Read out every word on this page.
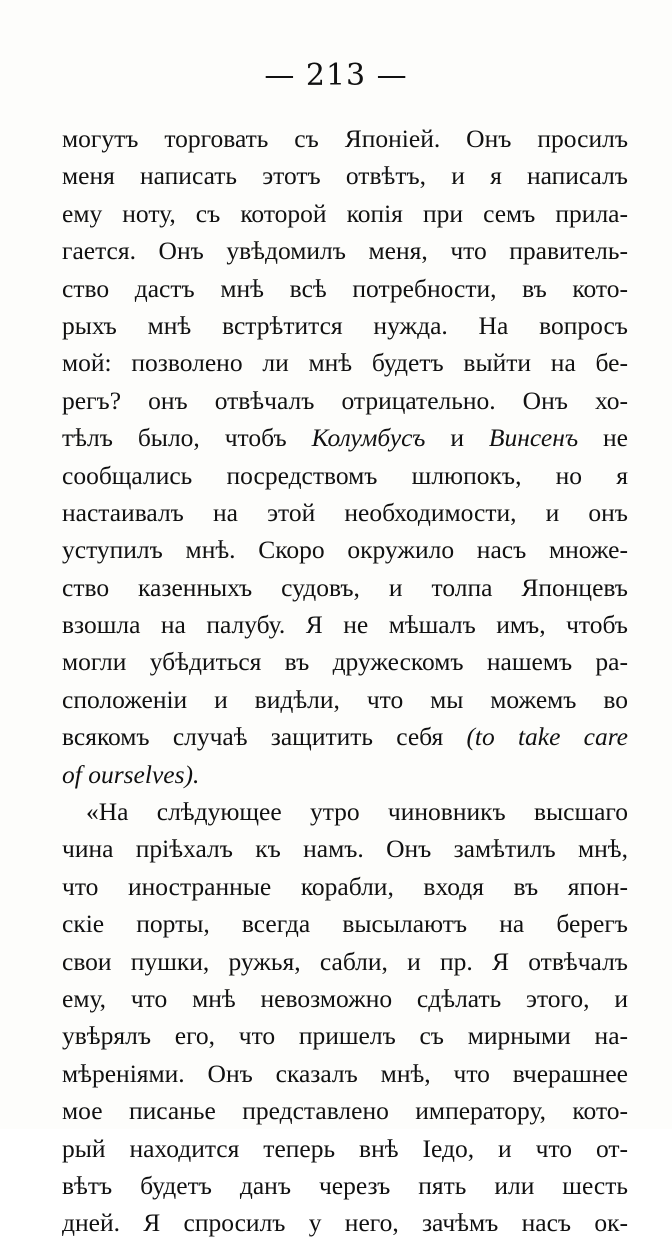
— 213 —
могутъ торговать съ Японіей. Онъ просилъ
меня написать этотъ отвѣтъ, и я написалъ
ему ноту, съ которой копія при семъ прила-
гается. Онъ увѣдомилъ меня, что правитель-
ство дастъ мнѣ всѣ потребности, въ кото-
рыхъ мнѣ встрѣтится нужда. На вопросъ
мой: позволено ли мнѣ будетъ выйти на бе-
регъ? онъ отвѣчалъ отрицательно. Онъ хо-
тѣлъ было, чтобъ Колумбусъ и Винсенъ не
сообщались посредствомъ шлюпокъ, но я
настаивалъ на этой необходимости, и онъ
уступилъ мнѣ. Скоро окружило насъ множе-
ство казенныхъ судовъ, и толпа Японцевъ
взошла на палубу. Я не мѣшалъ имъ, чтобъ
могли убѣдиться въ дружескомъ нашемъ ра-
сположеніи и видѣли, что мы можемъ во
всякомъ случаѣ защитить себя (to take care
of ourselves).
«На слѣдующее утро чиновникъ высшаго
чина пріѣхалъ къ намъ. Онъ замѣтилъ мнѣ,
что иностранные корабли, входя въ япон-
скіе порты, всегда высылаютъ на берегъ
свои пушки, ружья, сабли, и пр. Я отвѣчалъ
ему, что мнѣ невозможно сдѣлать этого, и
увѣрялъ его, что пришелъ съ мирными на-
мѣреніями. Онъ сказалъ мнѣ, что вчерашнее
мое писанье представлено императору, кото-
рый находится теперь внѣ Іедо, и что от-
вѣтъ будетъ данъ черезъ пять или шесть
дней. Я спросилъ у него, зачѣмъ насъ ок-
